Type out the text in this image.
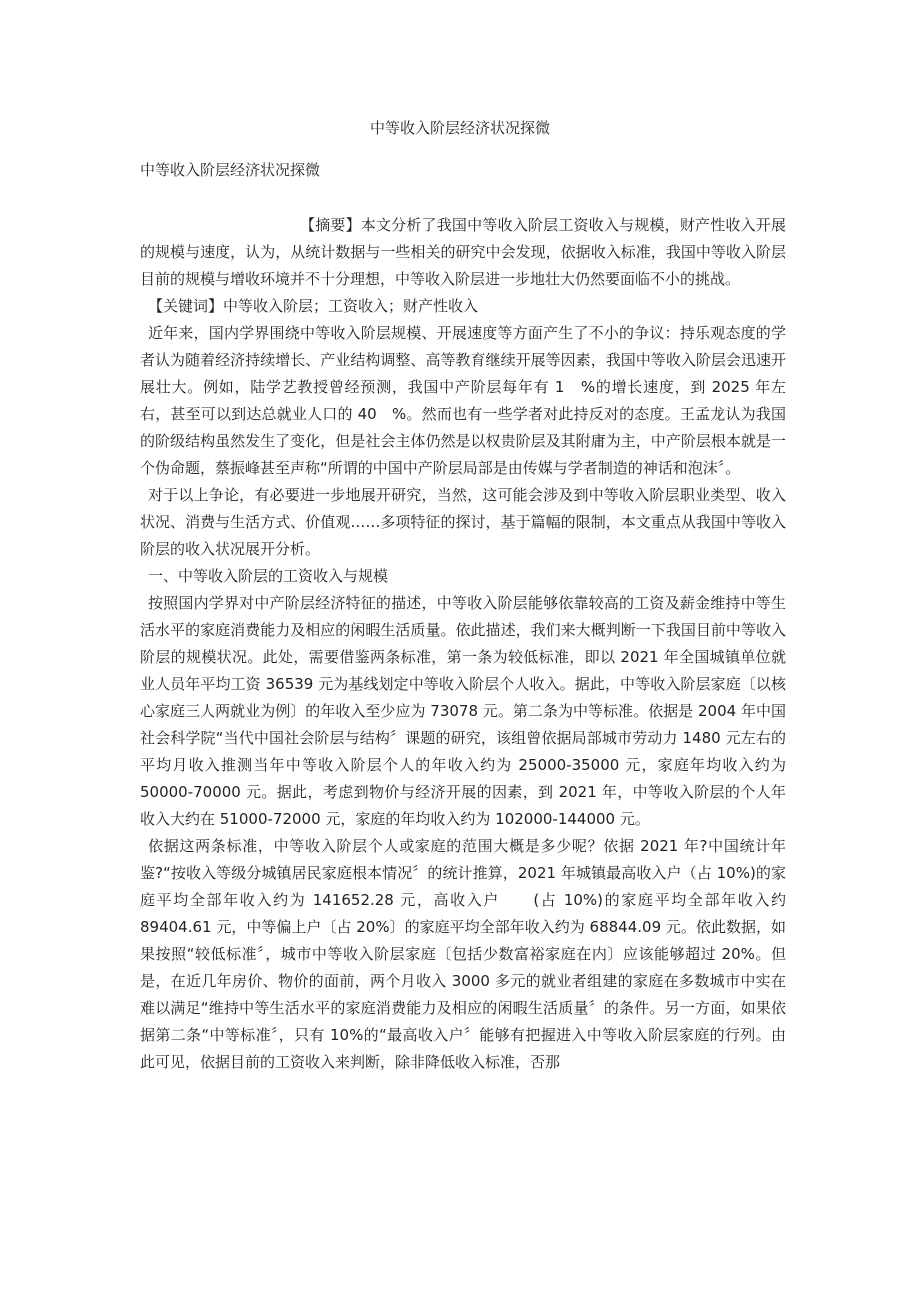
中等收入阶层经济状况探微
中等收入阶层经济状况探微

【摘要】本文分析了我国中等收入阶层工资收入与规模，财产性收入开展的规模与速度，认为，从统计数据与一些相关的研究中会发现，依据收入标准，我国中等收入阶层目前的规模与增收环境并不十分理想，中等收入阶层进一步地壮大仍然要面临不小的挑战。

【关键词】中等收入阶层；工资收入；财产性收入

近年来，国内学界围绕中等收入阶层规模、开展速度等方面产生了不小的争议：持乐观态度的学者认为随着经济持续增长、产业结构调整、高等教育继续开展等因素，我国中等收入阶层会迅速开展壮大。例如，陆学艺教授曾经预测，我国中产阶层每年有 1　%的增长速度，到 2025 年左右，甚至可以到达总就业人口的 40　%。然而也有一些学者对此持反对的态度。王孟龙认为我国的阶级结构虽然发生了变化，但是社会主体仍然是以权贵阶层及其附庸为主，中产阶层根本就是一个伪命题，蔡振峰甚至声称“所谓的中国中产阶层局部是由传媒与学者制造的神话和泡沫〞。

对于以上争论，有必要进一步地展开研究，当然，这可能会涉及到中等收入阶层职业类型、收入状况、消费与生活方式、价值观……多项特征的探讨，基于篇幅的限制，本文重点从我国中等收入阶层的收入状况展开分析。

一、中等收入阶层的工资收入与规模

按照国内学界对中产阶层经济特征的描述，中等收入阶层能够依靠较高的工资及薪金维持中等生活水平的家庭消费能力及相应的闲暇生活质量。依此描述，我们来大概判断一下我国目前中等收入阶层的规模状况。此处，需要借鉴两条标准，第一条为较低标准，即以 2021 年全国城镇单位就业人员年平均工资 36539 元为基线划定中等收入阶层个人收入。据此，中等收入阶层家庭〔以核心家庭三人两就业为例〕的年收入至少应为 73078 元。第二条为中等标准。依据是 2004 年中国社会科学院“当代中国社会阶层与结构〞课题的研究，该组曾依据局部城市劳动力 1480 元左右的平均月收入推测当年中等收入阶层个人的年收入约为 25000-35000 元，家庭年均收入约为 50000-70000 元。据此，考虑到物价与经济开展的因素，到 2021 年，中等收入阶层的个人年收入大约在 51000-72000 元，家庭的年均收入约为 102000-144000 元。

依据这两条标准，中等收入阶层个人或家庭的范围大概是多少呢？依据 2021 年?中国统计年鉴?“按收入等级分城镇居民家庭根本情况〞的统计推算，2021 年城镇最高收入户（占 10%)的家庭平均全部年收入约为 141652.28 元，高收入户　　(占 10%)的家庭平均全部年收入约 89404.61 元，中等偏上户〔占 20%〕的家庭平均全部年收入约为 68844.09 元。依此数据，如果按照“较低标准〞，城市中等收入阶层家庭〔包括少数富裕家庭在内〕应该能够超过 20%。但是，在近几年房价、物价的面前，两个月收入 3000 多元的就业者组建的家庭在多数城市中实在难以满足“维持中等生活水平的家庭消费能力及相应的闲暇生活质量〞的条件。另一方面，如果依据第二条“中等标准〞，只有 10%的“最高收入户〞能够有把握进入中等收入阶层家庭的行列。由此可见，依据目前的工资收入来判断，除非降低收入标准，否那
